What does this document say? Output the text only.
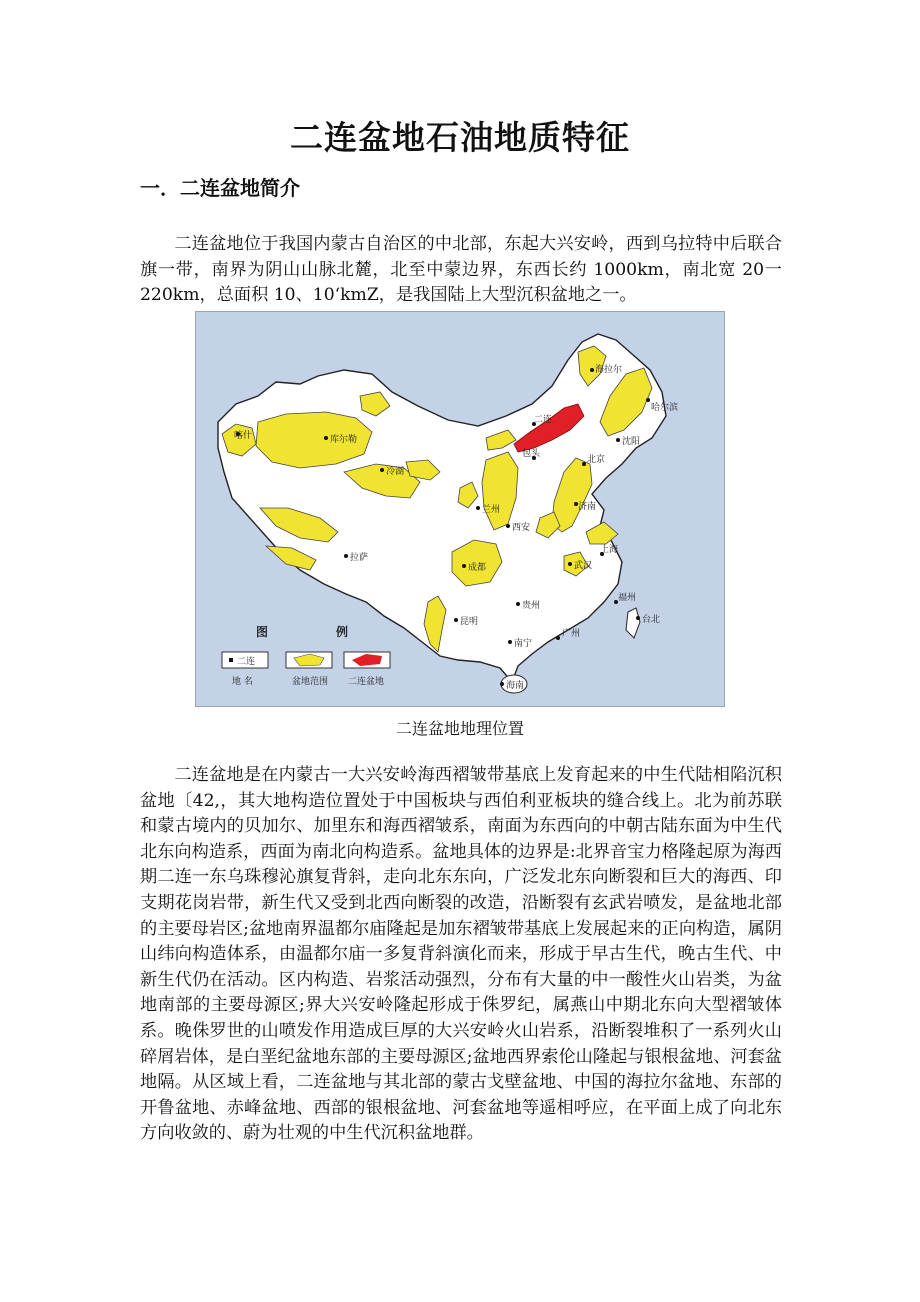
二连盆地石油地质特征
一．二连盆地简介

二连盆地位于我国内蒙古自治区的中北部，东起大兴安岭，西到乌拉特中后联合旗一带，南界为阴山山脉北麓，北至中蒙边界，东西长约 1000km，南北宽 20一 220km，总面积 10、10‘kmZ，是我国陆上大型沉积盆地之一。

海拉尔
哈尔滨
二连
包头
北京
沈阳
喀什	库尔勒
冷湖
兰州
西安
济南
拉萨
成都	武汉
上海
贵州
昆明
福州
台北
南宁
广州
海南
图	例
二连
地 名	盆地范围 二连盆地
二连盆地地理位置

二连盆地是在内蒙古一大兴安岭海西褶皱带基底上发育起来的中生代陆相陷沉积盆地〔42,，其大地构造位置处于中国板块与西伯利亚板块的缝合线上。北为前苏联和蒙古境内的贝加尔、加里东和海西褶皱系，南面为东西向的中朝古陆东面为中生代北东向构造系，西面为南北向构造系。盆地具体的边界是:北界音宝力格隆起原为海西期二连一东乌珠穆沁旗复背斜，走向北东东向，广泛发北东向断裂和巨大的海西、印支期花岗岩带，新生代又受到北西向断裂的改造，沿断裂有玄武岩喷发，是盆地北部的主要母岩区;盆地南界温都尔庙隆起是加东褶皱带基底上发展起来的正向构造，属阴山纬向构造体系，由温都尔庙一多复背斜演化而来，形成于早古生代，晚古生代、中新生代仍在活动。区内构造、岩浆活动强烈，分布有大量的中一酸性火山岩类，为盆地南部的主要母源区;界大兴安岭隆起形成于侏罗纪，属燕山中期北东向大型褶皱体系。晚侏罗世的山喷发作用造成巨厚的大兴安岭火山岩系，沿断裂堆积了一系列火山碎屑岩体，是白垩纪盆地东部的主要母源区;盆地西界索伦山隆起与银根盆地、河套盆地隔。从区域上看，二连盆地与其北部的蒙古戈壁盆地、中国的海拉尔盆地、东部的开鲁盆地、赤峰盆地、西部的银根盆地、河套盆地等遥相呼应，在平面上成了向北东方向收敛的、蔚为壮观的中生代沉积盆地群。
